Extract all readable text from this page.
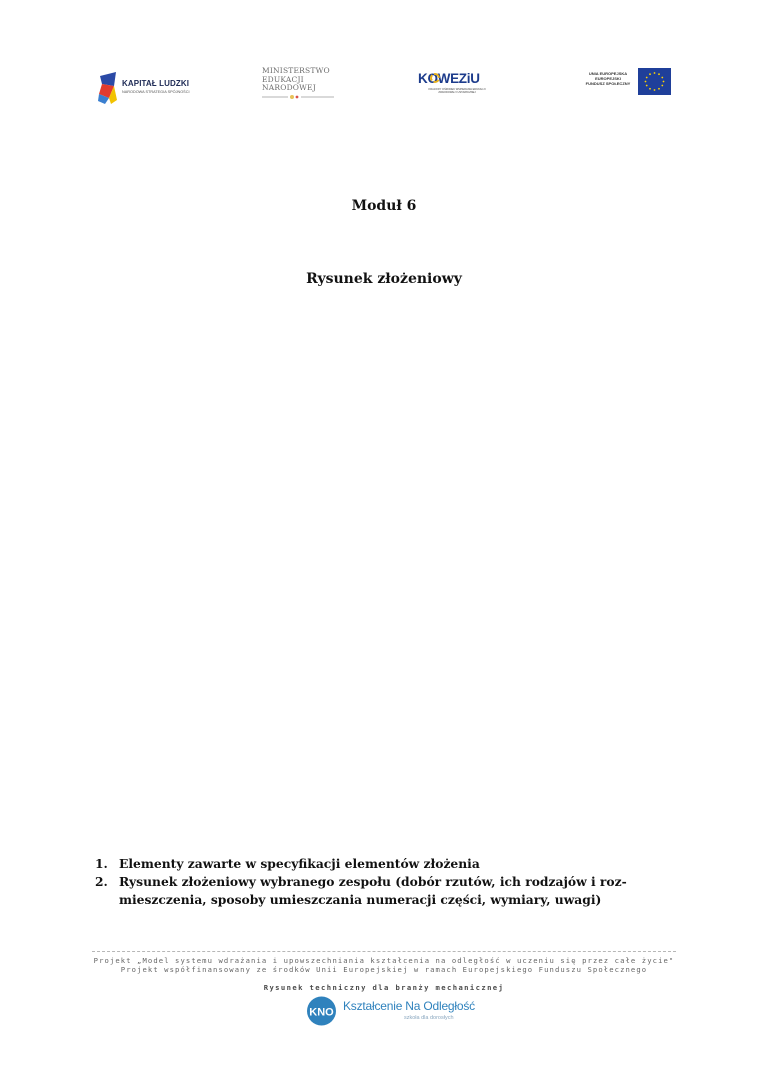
KAPITAŁ LUDZKI
NARODOWA STRATEGIA SPÓJNOŚCI
MINISTERSTWO
EDUKACJI
NARODOWEJ
KOWEZiU
KRAJOWY OŚRODEK WSPIERANIA EDUKACJI ZAWODOWEJ I USTAWICZNEJ
UNIA EUROPEJSKA
EUROPEJSKI
FUNDUSZ SPOŁECZNY
Moduł 6
Rysunek złożeniowy
1. Elementy zawarte w specyfikacji elementów złożenia
2. Rysunek złożeniowy wybranego zespołu (dobór rzutów, ich rodzajów i roz-mieszczenia, sposoby umieszczania numeracji części, wymiary, uwagi)
Projekt „Model systemu wdrażania i upowszechniania kształcenia na odległość w uczeniu się przez całe życie"
Projekt współfinansowany ze środków Unii Europejskiej w ramach Europejskiego Funduszu Społecznego
Rysunek techniczny dla branży mechanicznej
KNO Kształcenie Na Odległość
szkoła dla dorosłych
